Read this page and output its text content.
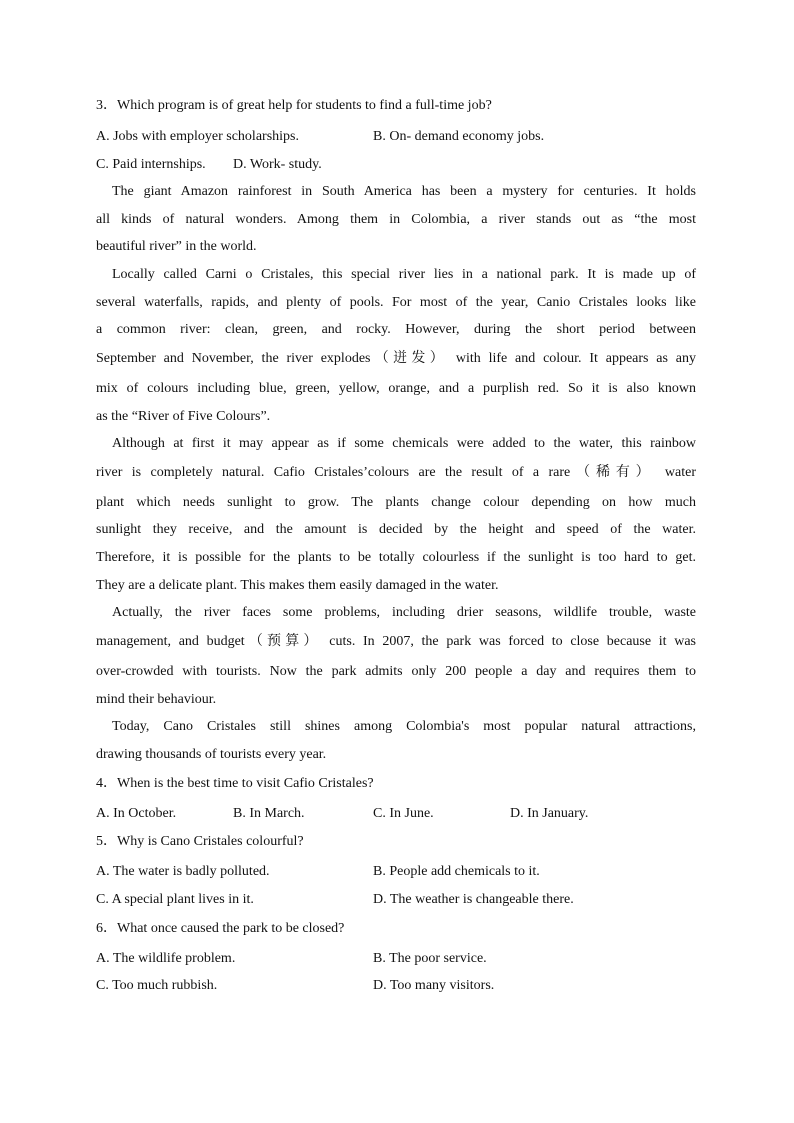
3．Which program is of great help for students to find a full-time job?
A. Jobs with employer scholarships.	B. On- demand economy jobs.
C. Paid internships. D. Work- study.
The giant Amazon rainforest in South America has been a mystery for centuries. It holds
all kinds of natural wonders. Among them in Colombia, a river stands out as “the most
beautiful river” in the world.
Locally called Carni o Cristales, this special river lies in a national park. It is made up of
several waterfalls, rapids, and plenty of pools. For most of the year, Canio Cristales looks like
a common river: clean, green, and rocky. However, during the short period between
September and November, the river explodes（迸发） with life and colour. It appears as any
mix of colours including blue, green, yellow, orange, and a purplish red. So it is also known
as the “River of Five Colours”.
Although at first it may appear as if some chemicals were added to the water, this rainbow
river is completely natural. Cafio Cristales’colours are the result of a rare（稀有） water
plant which needs sunlight to grow. The plants change colour depending on how much
sunlight they receive, and the amount is decided by the height and speed of the water.
Therefore, it is possible for the plants to be totally colourless if the sunlight is too hard to get.
They are a delicate plant. This makes them easily damaged in the water.
Actually, the river faces some problems, including drier seasons, wildlife trouble, waste
management, and budget（预算） cuts. In 2007, the park was forced to close because it was
over-crowded with tourists. Now the park admits only 200 people a day and requires them to
mind their behaviour.
Today, Cano Cristales still shines among Colombia's most popular natural attractions,
drawing thousands of tourists every year.
4．When is the best time to visit Cafio Cristales?
A. In October.	B. In March.	C. In June.	D. In January.
5．Why is Cano Cristales colourful?
A. The water is badly polluted.	B. People add chemicals to it.
C. A special plant lives in it.	D. The weather is changeable there.
6．What once caused the park to be closed?
A. The wildlife problem.	B. The poor service.
C. Too much rubbish.	D. Too many visitors.
